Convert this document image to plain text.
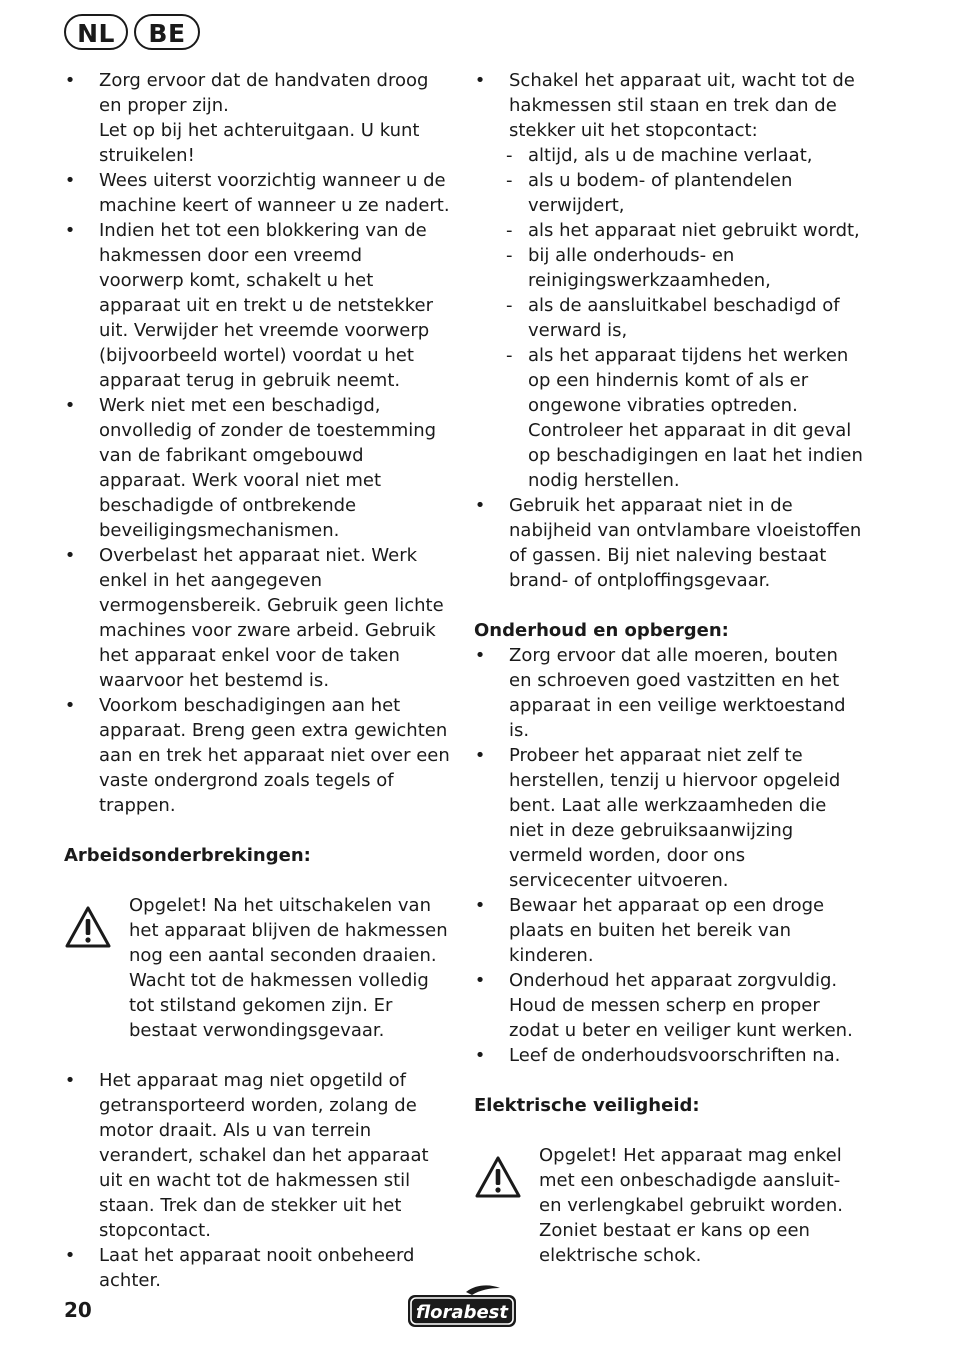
NL	BE
• Zorg ervoor dat de handvaten droog en proper zijn.

Let op bij het achteruitgaan. U kunt struikelen!

• Wees uiterst voorzichtig wanneer u de machine keert of wanneer u ze nadert.

• Indien het tot een blokkering van de hakmessen door een vreemd voorwerp komt, schakelt u het apparaat uit en trekt u de netstekker uit. Verwijder het vreemde voorwerp (bijvoorbeeld wortel) voordat u het apparaat terug in gebruik neemt.

• Werk niet met een beschadigd, onvolledig of zonder de toestemming van de fabrikant omgebouwd apparaat. Werk vooral niet met beschadigde of ontbrekende beveiligingsmechanismen.

• Overbelast het apparaat niet. Werk enkel in het aangegeven vermogensbereik. Gebruik geen lichte machines voor zware arbeid. Gebruik het apparaat enkel voor de taken waarvoor het bestemd is.

• Voorkom beschadigingen aan het apparaat. Breng geen extra gewichten aan en trek het apparaat niet over een vaste ondergrond zoals tegels of trappen.

Arbeidsonderbrekingen:

Opgelet! Na het uitschakelen van het apparaat blijven de hakmessen nog een aantal seconden draaien. Wacht tot de hakmessen volledig tot stilstand gekomen zijn. Er bestaat verwondingsgevaar.

• Het apparaat mag niet opgetild of getransporteerd worden, zolang de motor draait. Als u van terrein verandert, schakel dan het apparaat uit en wacht tot de hakmessen stil staan. Trek dan de stekker uit het stopcontact.

• Laat het apparaat nooit onbeheerd achter.

• Schakel het apparaat uit, wacht tot de hakmessen stil staan en trek dan de stekker uit het stopcontact:

- altijd, als u de machine verlaat,
- als u bodem- of plantendelen verwijdert,
- als het apparaat niet gebruikt wordt,
- bij alle onderhouds- en reinigingswerkzaamheden,
- als de aansluitkabel beschadigd of verward is,
- als het apparaat tijdens het werken op een hindernis komt of als er ongewone vibraties optreden. Controleer het apparaat in dit geval op beschadigingen en laat het indien nodig herstellen.
• Gebruik het apparaat niet in de nabijheid van ontvlambare vloeistoffen of gassen. Bij niet naleving bestaat brand- of ontploffingsgevaar.

Onderhoud en opbergen:

• Zorg ervoor dat alle moeren, bouten en schroeven goed vastzitten en het apparaat in een veilige werktoestand is.

• Probeer het apparaat niet zelf te herstellen, tenzij u hiervoor opgeleid bent. Laat alle werkzaamheden die niet in deze gebruiksaanwijzing vermeld worden, door ons servicecenter uitvoeren.

• Bewaar het apparaat op een droge plaats en buiten het bereik van kinderen.

• Onderhoud het apparaat zorgvuldig. Houd de messen scherp en proper zodat u beter en veiliger kunt werken.

• Leef de onderhoudsvoorschriften na.

Elektrische veiligheid:

Opgelet! Het apparaat mag enkel met een onbeschadigde aansluit- en verlengkabel gebruikt worden. Zoniet bestaat er kans op een elektrische schok.

20	florabest
